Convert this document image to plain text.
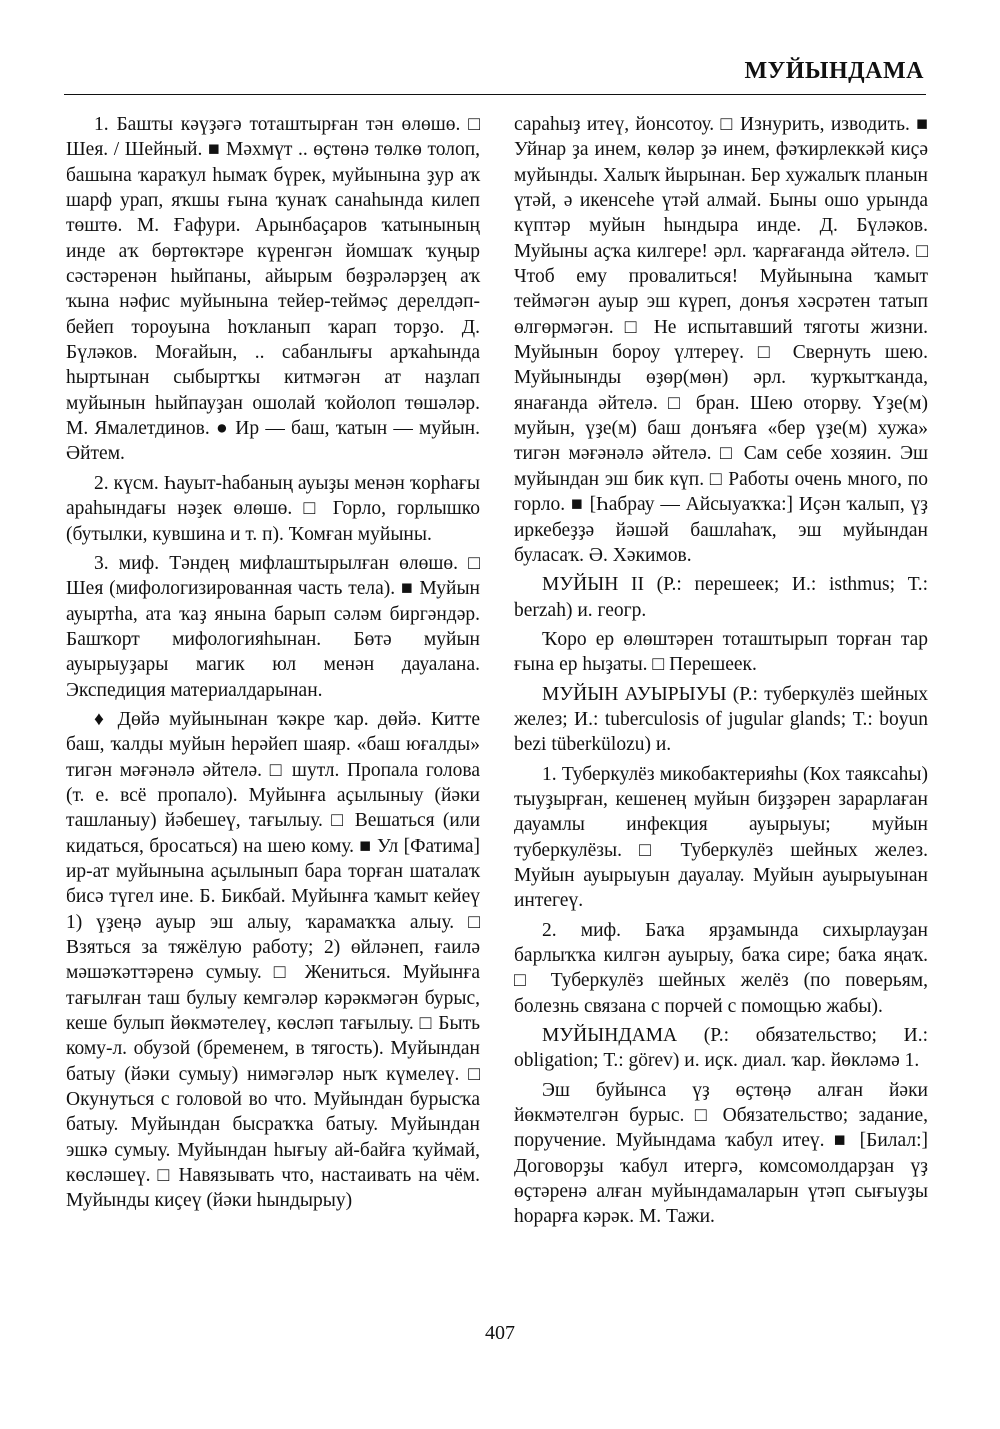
МУЙЫНДАМА

1. Башты кәүҙәгә тоташтырған тән өлөшө. □ Шея. / Шейный. ■ Мәхмүт .. өҫтөнә төлкө толоп, башына ҡараҡул һымаҡ бүрек, муйынына ҙур аҡ шарф урап, яҡшы ғына ҡунаҡ санаһында килеп төштө. М. Ғафури. Арынбаҫаров ҡатынының инде аҡ бөртөктәре күренгән йомшаҡ ҡуңыр сәстәренән һыйпаны, айырым бөҙрәләрҙең аҡ ҡына нәфис муйынына тейер-теймәҫ дерелдәп-бейеп тороуына һоҡланып ҡарап торҙо. Д. Бүләков. Моғайын, .. сабанлығы арҡаһында һыртынан сыбыртҡы китмәгән ат наҙлап муйынын һыйпауҙан ошолай ҡойолоп төшәләр. М. Ямалетдинов. ● Ир — баш, ҡатын — муйын. Әйтем.

2. күсм. Һауыт-һабаның ауыҙы менән ҡорһағы араһындағы нәҙек өлөшө. □ Горло, горлышко (бутылки, кувшина и т. п). Ҡомған муйыны.

3. миф. Тәндең мифлаштырылған өлөшө. □ Шея (мифологизированная часть тела). ■ Муйын ауыртһа, ата ҡаҙ янына барып сәләм биргәндәр. Башҡорт мифологияһынан. Бөтә муйын ауырыуҙары магик юл менән дауалана. Экспедиция материалдарынан.

♦ Дөйә муйынынан ҡәкре ҡар. дөйә. Китте баш, ҡалды муйын һерәйеп шаяр. «баш юғалды» тигән мәғәнәлә әйтелә. □ шутл. Пропала голова (т. е. всё пропало). Муйынға аҫылыныу (йәки ташланыу) йәбешеү, тағылыу. □ Вешаться (или кидаться, бросаться) на шею кому. ■ Ул [Фатима] ир-ат муйынына аҫылынып бара торған шаталаҡ бисә түгел ине. Б. Бикбай. Муйынға ҡамыт кейеү 1) үҙеңә ауыр эш алыу, ҡарамаҡҡа алыу. □ Взяться за тяжёлую работу; 2) өйләнеп, ғаилә мәшәҡәттәренә сумыу. □ Жениться. Муйынға тағылған таш булыу кемгәләр кәрәкмәгән бурыс, кеше булып йөкмәтелеү, көсләп тағылыу. □ Быть кому-л. обузой (бременем, в тягость). Муйындан батыу (йәки сумыу) нимәгәләр ныҡ күмелеү. □ Окунуться с головой во что. Муйындан бурысҡа батыу. Муйындан бысраҡҡа батыу. Муйындан эшкә сумыу. Муйындан һығыу ай-байға ҡуймай, көсләшеү. □ Навязывать что, настаивать на чём. Муйынды киҫеү (йәки һындырыу)

сараһыҙ итеү, йонсотоу. □ Изнурить, изводить. ■ Уйнар ҙа инем, көләр ҙә инем, фәҡирлеккәй киҫә муйынды. Халыҡ йырынан. Бер хужалыҡ планын үтәй, ә икенсеһе үтәй алмай. Быны ошо урында күптәр муйын һындыра инде. Д. Бүләков. Муйыны аҫҡа килгере! әрл. ҡарғағанда әйтелә. □ Чтоб ему провалиться! Муйынына ҡамыт теймәгән ауыр эш күреп, донъя хәсрәтен татып өлгөрмәгән. □ Не испытавший тяготы жизни. Муйынын бороу үлтереү. □ Свернуть шею. Муйынынды өҙөр(мөн) әрл. ҡурҡытҡанда, янағанда әйтелә. □ бран. Шею оторву. Үҙе(м) муйын, үҙе(м) баш донъяға «бер үҙе(м) хужа» тигән мәғәнәлә әйтелә. □ Сам себе хозяин. Эш муйындан эш бик күп. □ Работы очень много, по горло. ■ [Һабрау — Айсыуаҡҡа:] Иҫән ҡалып, үҙ иркебеҙҙә йәшәй башлаһаҡ, эш муйындан буласаҡ. Ә. Хәкимов.

МУЙЫН II (Р.: перешеек; И.: isthmus; Т.: berzah) и. геогр.

Ҡоро ер өлөштәрен тоташтырып торған тар ғына ер һыҙаты. □ Перешеек.

МУЙЫН АУЫРЫУЫ (Р.: туберкулёз шейных желез; И.: tuberculosis of jugular glands; Т.: boyun bezi tüberkülozu) и.

1. Туберкулёз микобактерияһы (Кох таяксаһы) тыуҙырған, кешенең муйын биҙҙәрен зарарлаған дауамлы инфекция ауырыуы; муйын туберкулёзы. □ Туберкулёз шейных желез. Муйын ауырыуын дауалау. Муйын ауырыуынан интегеү.

2. миф. Баҡа ярҙамында сихырлауҙан барлыҡҡа килгән ауырыу, баҡа сире; баҡа яңаҡ. □ Туберкулёз шейных желёз (по поверьям, болезнь связана с порчей с помощью жабы).

МУЙЫНДАМА (Р.: обязательство; И.: obligation; Т.: görev) и. иҫк. диал. ҡар. йөкләмә 1.

Эш буйынса үҙ өҫтөңә алған йәки йөкмәтелгән бурыс. □ Обязательство; задание, поручение. Муйындама ҡабул итеү. ■ [Билал:] Договорҙы ҡабул итергә, комсомолдарҙан үҙ өҫтәренә алған муйындамаларын үтәп сығыуҙы һорарға кәрәк. М. Тажи.

407
